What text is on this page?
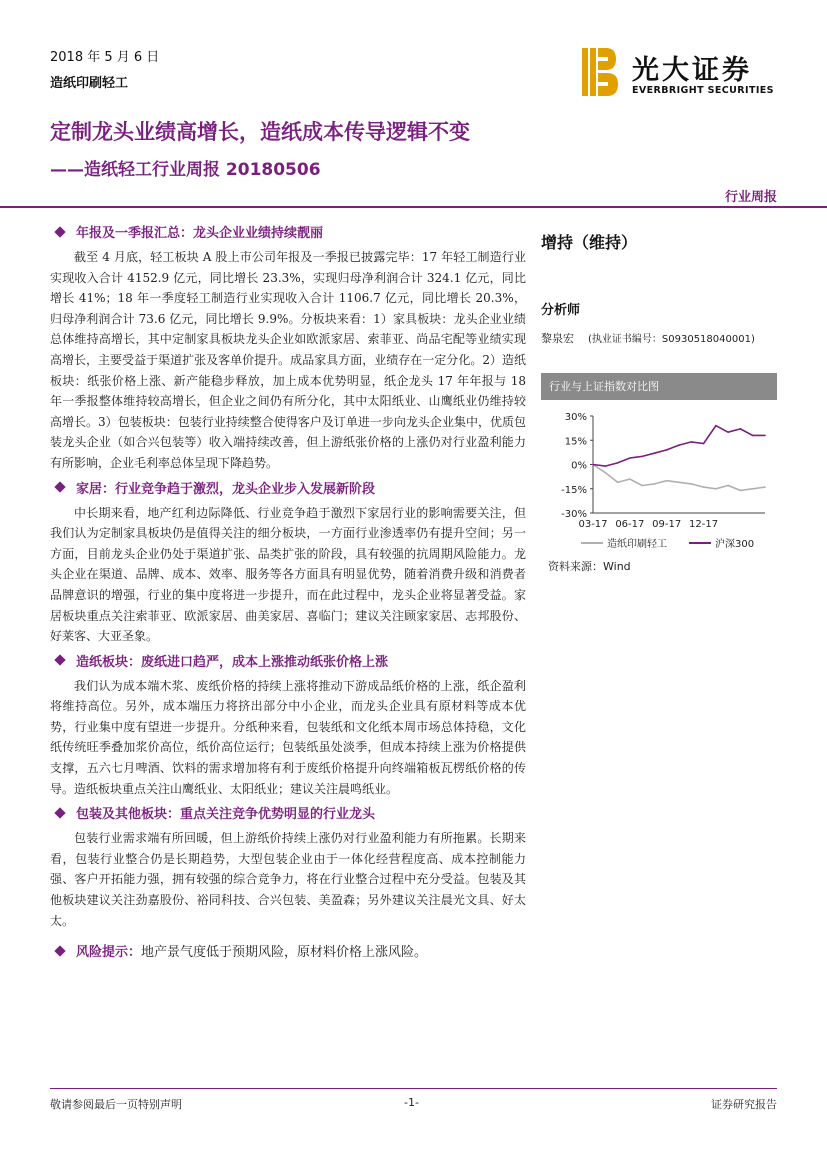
2018 年 5 月 6 日
造纸印刷轻工	光大证券
EVERBRIGHT SECURITIES
定制龙头业绩高增长，造纸成本传导逻辑不变
——造纸轻工行业周报 20180506
行业周报
年报及一季报汇总：龙头企业业绩持续靓丽

截至 4 月底，轻工板块 A 股上市公司年报及一季报已披露完毕：17 年轻工制造行业实现收入合计 4152.9 亿元，同比增长 23.3%，实现归母净利润合计 324.1 亿元，同比增长 41%；18 年一季度轻工制造行业实现收入合计 1106.7 亿元，同比增长 20.3%，归母净利润合计 73.6 亿元，同比增长 9.9%。分板块来看：1）家具板块：龙头企业业绩总体维持高增长，其中定制家具板块龙头企业如欧派家居、索菲亚、尚品宅配等业绩实现高增长，主要受益于渠道扩张及客单价提升。成品家具方面，业绩存在一定分化。2）造纸板块：纸张价格上涨、新产能稳步释放，加上成本优势明显，纸企龙头 17 年年报与 18 年一季报整体维持较高增长，但企业之间仍有所分化，其中太阳纸业、山鹰纸业仍维持较高增长。3）包装板块：包装行业持续整合使得客户及订单进一步向龙头企业集中，优质包装龙头企业（如合兴包装等）收入端持续改善，但上游纸张价格的上涨仍对行业盈利能力有所影响，企业毛利率总体呈现下降趋势。

家居：行业竞争趋于激烈，龙头企业步入发展新阶段

中长期来看，地产红利边际降低、行业竞争趋于激烈下家居行业的影响需要关注，但我们认为定制家具板块仍是值得关注的细分板块，一方面行业渗透率仍有提升空间；另一方面，目前龙头企业仍处于渠道扩张、品类扩张的阶段，具有较强的抗周期风险能力。龙头企业在渠道、品牌、成本、效率、服务等各方面具有明显优势，随着消费升级和消费者品牌意识的增强，行业的集中度将进一步提升，而在此过程中，龙头企业将显著受益。家居板块重点关注索菲亚、欧派家居、曲美家居、喜临门；建议关注顾家家居、志邦股份、好莱客、大亚圣象。

造纸板块：废纸进口趋严，成本上涨推动纸张价格上涨

我们认为成本端木浆、废纸价格的持续上涨将推动下游成品纸价格的上涨，纸企盈利将维持高位。另外，成本端压力将挤出部分中小企业，而龙头企业具有原材料等成本优势，行业集中度有望进一步提升。分纸种来看，包装纸和文化纸本周市场总体持稳，文化纸传统旺季叠加浆价高位，纸价高位运行；包装纸虽处淡季，但成本持续上涨为价格提供支撑，五六七月啤酒、饮料的需求增加将有利于废纸价格提升向终端箱板瓦楞纸价格的传导。造纸板块重点关注山鹰纸业、太阳纸业；建议关注晨鸣纸业。

包装及其他板块：重点关注竞争优势明显的行业龙头

包装行业需求端有所回暖，但上游纸价持续上涨仍对行业盈利能力有所拖累。长期来看，包装行业整合仍是长期趋势，大型包装企业由于一体化经营程度高、成本控制能力强、客户开拓能力强，拥有较强的综合竞争力，将在行业整合过程中充分受益。包装及其他板块建议关注劲嘉股份、裕同科技、合兴包装、美盈森；另外建议关注晨光文具、好太太。

风险提示： 地产景气度低于预期风险，原材料价格上涨风险。
增持（维持）
分析师
黎泉宏 (执业证书编号：S0930518040001)
行业与上证指数对比图
30%
15%
0%
-15%
-30%
03-17 06-17 09-17 12-17
造纸印刷轻工	沪深300
资料来源：Wind
敬请参阅最后一页特别声明	-1-	证券研究报告
